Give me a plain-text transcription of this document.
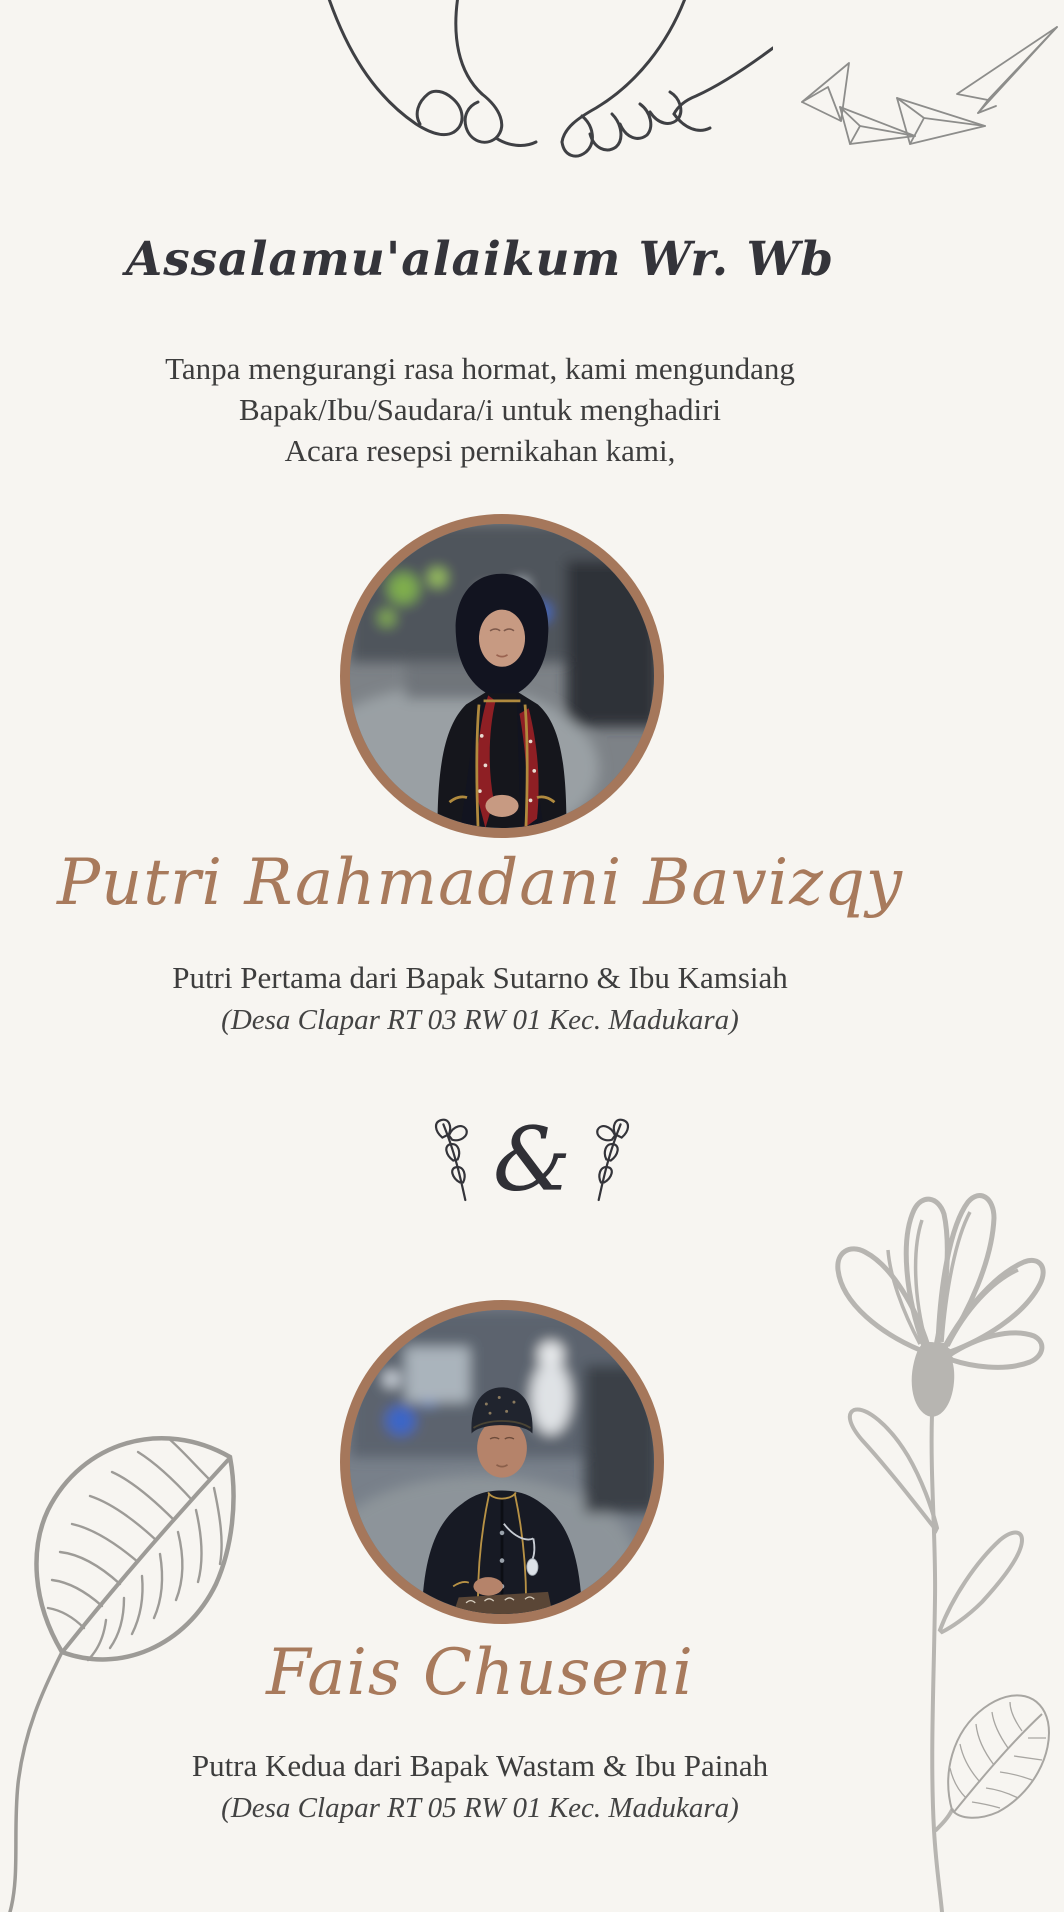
Assalamu'alaikum Wr. Wb
Tanpa mengurangi rasa hormat, kami mengundang
Bapak/Ibu/Saudara/i untuk menghadiri
Acara resepsi pernikahan kami,
Putri Rahmadani Bavizqy
Putri Pertama dari Bapak Sutarno & Ibu Kamsiah
(Desa Clapar RT 03 RW 01 Kec. Madukara)
&
Fais Chuseni
Putra Kedua dari Bapak Wastam & Ibu Painah
(Desa Clapar RT 05 RW 01 Kec. Madukara)
